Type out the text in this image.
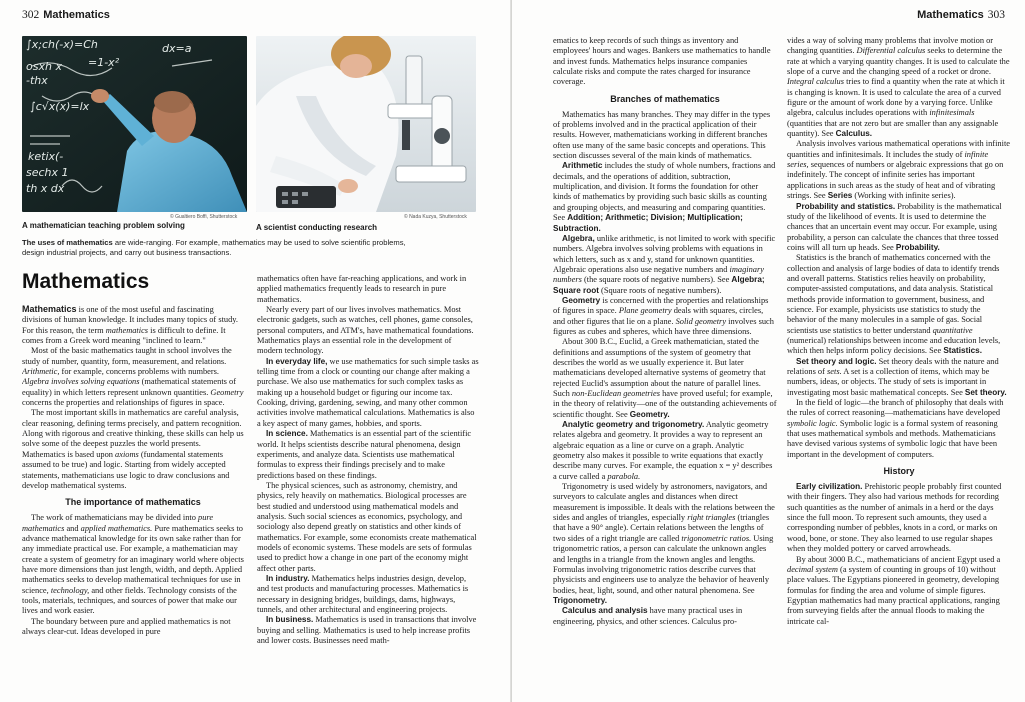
302 Mathematics
∫x;ch(-x)=Ch
osxh x
-thx
=1-x²
dx=a
∫c√x(x)=lx
sechx 1
th x dx
ketix(-
© Gualtiero Boffi, Shutterstock
A mathematician teaching problem solving
© Nada Kuzya, Shutterstock
A scientist conducting research
The uses of mathematics are wide-ranging. For example, mathematics may be used to solve scientific problems, design industrial projects, and carry out business transactions.
Mathematics

Mathematics is one of the most useful and fascinating divisions of human knowledge. It includes many topics of study. For this reason, the term mathematics is difficult to define. It comes from a Greek word meaning "inclined to learn."

Most of the basic mathematics taught in school involves the study of number, quantity, form, measurement, and relations. Arithmetic, for example, concerns problems with numbers. Algebra involves solving equations (mathematical statements of equality) in which letters represent unknown quantities. Geometry concerns the properties and relationships of figures in space.

The most important skills in mathematics are careful analysis, clear reasoning, defining terms precisely, and pattern recognition. Along with rigorous and creative thinking, these skills can help us solve some of the deepest puzzles the world presents. Mathematics is based upon axioms (fundamental statements assumed to be true) and logic. Starting from widely accepted statements, mathematicians use logic to draw conclusions and develop mathematical systems.

The importance of mathematics

The work of mathematicians may be divided into pure mathematics and applied mathematics. Pure mathematics seeks to advance mathematical knowledge for its own sake rather than for any immediate practical use. For example, a mathematician may create a system of geometry for an imaginary world where objects have more dimensions than just length, width, and depth. Applied mathematics seeks to develop mathematical techniques for use in science, technology, and other fields. Technology consists of the tools, materials, techniques, and sources of power that make our lives and work easier.

The boundary between pure and applied mathematics is not always clear-cut. Ideas developed in pure

mathematics often have far-reaching applications, and work in applied mathematics frequently leads to research in pure mathematics.

Nearly every part of our lives involves mathematics. Most electronic gadgets, such as watches, cell phones, game consoles, personal computers, and ATM's, have mathematical foundations. Mathematics plays an essential role in the development of modern technology.

In everyday life, we use mathematics for such simple tasks as telling time from a clock or counting our change after making a purchase. We also use mathematics for such complex tasks as making up a household budget or figuring our income tax. Cooking, driving, gardening, sewing, and many other common activities involve mathematical calculations. Mathematics is also a key aspect of many games, hobbies, and sports.

In science. Mathematics is an essential part of the scientific world. It helps scientists describe natural phenomena, design experiments, and analyze data. Scientists use mathematical formulas to express their findings precisely and to make predictions based on these findings.

The physical sciences, such as astronomy, chemistry, and physics, rely heavily on mathematics. Biological processes are best studied and understood using mathematical models and analysis. Such social sciences as economics, psychology, and sociology also depend greatly on statistics and other kinds of mathematics. For example, some economists create mathematical models of economic systems. These models are sets of formulas used to predict how a change in one part of the economy might affect other parts.

In industry. Mathematics helps industries design, develop, and test products and manufacturing processes. Mathematics is necessary in designing bridges, buildings, dams, highways, tunnels, and other architectural and engineering projects.

In business. Mathematics is used in transactions that involve buying and selling. Mathematics is used to help increase profits and lower costs. Businesses need math-

Mathematics 303

ematics to keep records of such things as inventory and employees' hours and wages. Bankers use mathematics to handle and invest funds. Mathematics helps insurance companies calculate risks and compute the rates charged for insurance coverage.

Branches of mathematics

Mathematics has many branches. They may differ in the types of problems involved and in the practical application of their results. However, mathematicians working in different branches often use many of the same basic concepts and operations. This section discusses several of the main kinds of mathematics.

Arithmetic includes the study of whole numbers, fractions and decimals, and the operations of addition, subtraction, multiplication, and division. It forms the foundation for other kinds of mathematics by providing such basic skills as counting and grouping objects, and measuring and comparing quantities. See Addition; Arithmetic; Division; Multiplication; Subtraction.

Algebra, unlike arithmetic, is not limited to work with specific numbers. Algebra involves solving problems with equations in which letters, such as x and y, stand for unknown quantities. Algebraic operations also use negative numbers and imaginary numbers (the square roots of negative numbers). See Algebra; Square root (Square roots of negative numbers).

Geometry is concerned with the properties and relationships of figures in space. Plane geometry deals with squares, circles, and other figures that lie on a plane. Solid geometry involves such figures as cubes and spheres, which have three dimensions.

About 300 B.C., Euclid, a Greek mathematician, stated the definitions and assumptions of the system of geometry that describes the world as we usually experience it. But later mathematicians developed alternative systems of geometry that rejected Euclid's assumption about the nature of parallel lines. Such non-Euclidean geometries have proved useful; for example, in the theory of relativity—one of the outstanding achievements of scientific thought. See Geometry.

Analytic geometry and trigonometry. Analytic geometry relates algebra and geometry. It provides a way to represent an algebraic equation as a line or curve on a graph. Analytic geometry also makes it possible to write equations that exactly describe many curves. For example, the equation x = y² describes a curve called a parabola.

Trigonometry is used widely by astronomers, navigators, and surveyors to calculate angles and distances when direct measurement is impossible. It deals with the relations between the sides and angles of triangles, especially right triangles (triangles that have a 90° angle). Certain relations between the lengths of two sides of a right triangle are called trigonometric ratios. Using trigonometric ratios, a person can calculate the unknown angles and lengths in a triangle from the known angles and lengths. Formulas involving trigonometric ratios describe curves that physicists and engineers use to analyze the behavior of heavenly bodies, heat, light, sound, and other natural phenomena. See Trigonometry.

Calculus and analysis have many practical uses in engineering, physics, and other sciences. Calculus pro-

vides a way of solving many problems that involve motion or changing quantities. Differential calculus seeks to determine the rate at which a varying quantity changes. It is used to calculate the slope of a curve and the changing speed of a rocket or drone. Integral calculus tries to find a quantity when the rate at which it is changing is known. It is used to calculate the area of a curved figure or the amount of work done by a varying force. Unlike algebra, calculus includes operations with infinitesimals (quantities that are not zero but are smaller than any assignable quantity). See Calculus.

Analysis involves various mathematical operations with infinite quantities and infinitesimals. It includes the study of infinite series, sequences of numbers or algebraic expressions that go on indefinitely. The concept of infinite series has important applications in such areas as the study of heat and of vibrating strings. See Series (Working with infinite series).

Probability and statistics. Probability is the mathematical study of the likelihood of events. It is used to determine the chances that an uncertain event may occur. For example, using probability, a person can calculate the chances that three tossed coins will all turn up heads. See Probability.

Statistics is the branch of mathematics concerned with the collection and analysis of large bodies of data to identify trends and overall patterns. Statistics relies heavily on probability, computer-assisted computations, and data analysis. Statistical methods provide information to government, business, and science. For example, physicists use statistics to study the behavior of the many molecules in a sample of gas. Social scientists use statistics to better understand quantitative (numerical) relationships between income and education levels, which then helps inform policy decisions. See Statistics.

Set theory and logic. Set theory deals with the nature and relations of sets. A set is a collection of items, which may be numbers, ideas, or objects. The study of sets is important in investigating most basic mathematical concepts. See Set theory.

In the field of logic—the branch of philosophy that deals with the rules of correct reasoning—mathematicians have developed symbolic logic. Symbolic logic is a formal system of reasoning that uses mathematical symbols and methods. Mathematicians have devised various systems of symbolic logic that have been important in the development of computers.

History

Early civilization. Prehistoric people probably first counted with their fingers. They also had various methods for recording such quantities as the number of animals in a herd or the days since the full moon. To represent such amounts, they used a corresponding number of pebbles, knots in a cord, or marks on wood, bone, or stone. They also learned to use regular shapes when they molded pottery or carved arrowheads.

By about 3000 B.C., mathematicians of ancient Egypt used a decimal system (a system of counting in groups of 10) without place values. The Egyptians pioneered in geometry, developing formulas for finding the area and volume of simple figures. Egyptian mathematics had many practical applications, ranging from surveying fields after the annual floods to making the intricate cal-
